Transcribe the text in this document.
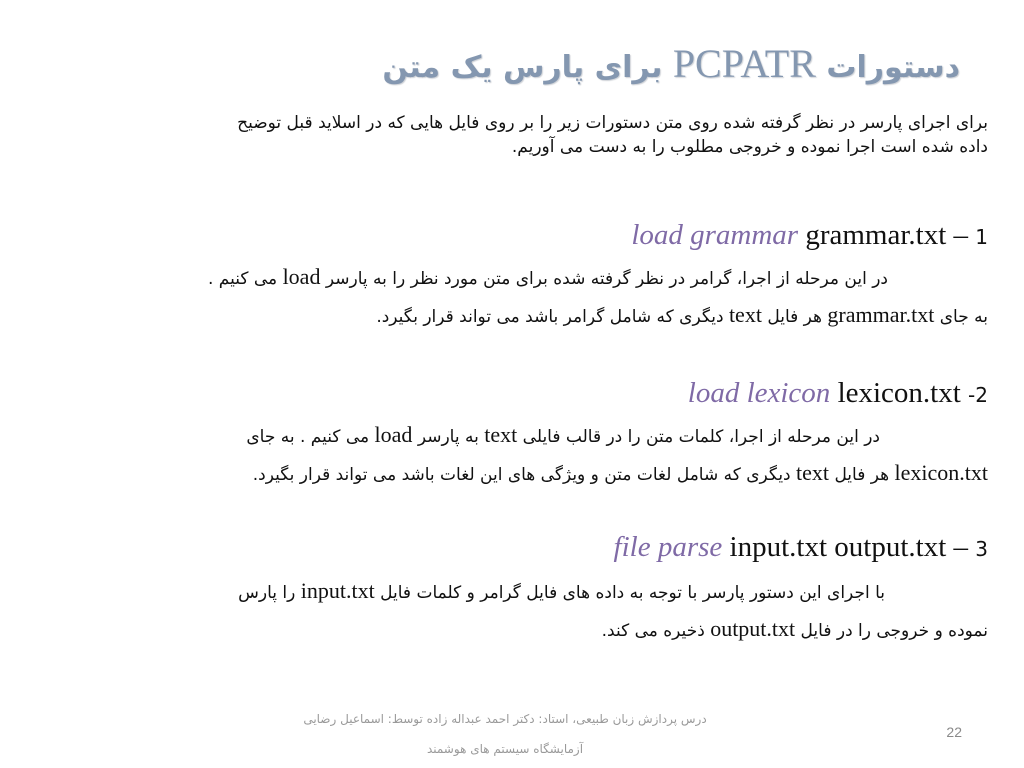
دستورات PCPATR برای پارس یک متن
برای اجرای پارسر در نظر گرفته شده روی متن دستورات زیر را بر روی فایل هایی که در اسلاید قبل توضیح
داده شده است اجرا نموده و خروجی مطلوب را به دست می آوریم.
load grammar grammar.txt – 1
در این مرحله از اجرا، گرامر در نظر گرفته شده برای متن مورد نظر را به پارسر load می کنیم .
به جای grammar.txt هر فایل text دیگری که شامل گرامر باشد می تواند قرار بگیرد.
load lexicon lexicon.txt -2
در این مرحله از اجرا، کلمات متن را در قالب فایلی text به پارسر load می کنیم . به جای
lexicon.txt هر فایل text دیگری که شامل لغات متن و ویژگی های این لغات باشد می تواند قرار بگیرد.
file parse input.txt output.txt – 3
با اجرای این دستور پارسر با توجه به داده های فایل گرامر و کلمات فایل input.txt را پارس
نموده و خروجی را در فایل output.txt ذخیره می کند.
درس پردازش زبان طبیعی، استاد: دکتر احمد عبداله زاده توسط: اسماعیل رضایی
آزمایشگاه سیستم های هوشمند
22
